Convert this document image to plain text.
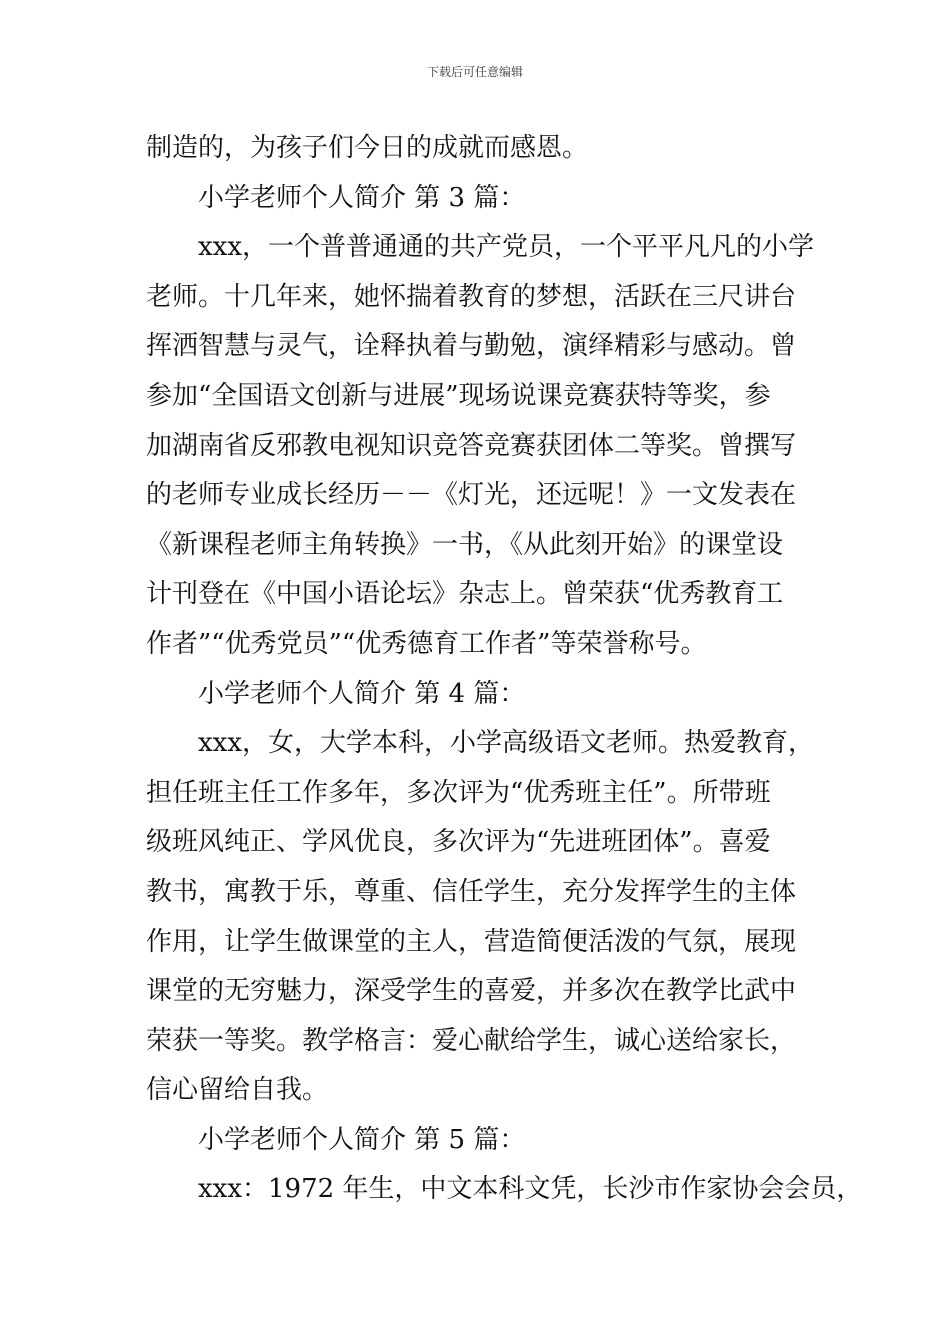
下载后可任意编辑
制造的，为孩子们今日的成就而感恩。
小学老师个人简介 第 3 篇：
xxx，一个普普通通的共产党员，一个平平凡凡的小学
老师。十几年来，她怀揣着教育的梦想，活跃在三尺讲台
挥洒智慧与灵气，诠释执着与勤勉，演绎精彩与感动。曾
参加“全国语文创新与进展”现场说课竞赛获特等奖，参
加湖南省反邪教电视知识竞答竞赛获团体二等奖。曾撰写
的老师专业成长经历－－《灯光，还远呢！》一文发表在
《新课程老师主角转换》一书，《从此刻开始》的课堂设
计刊登在《中国小语论坛》杂志上。曾荣获“优秀教育工
作者”“优秀党员”“优秀德育工作者”等荣誉称号。
小学老师个人简介 第 4 篇：
xxx，女，大学本科，小学高级语文老师。热爱教育，
担任班主任工作多年，多次评为“优秀班主任”。所带班
级班风纯正、学风优良，多次评为“先进班团体”。喜爱
教书，寓教于乐，尊重、信任学生，充分发挥学生的主体
作用，让学生做课堂的主人，营造简便活泼的气氛，展现
课堂的无穷魅力，深受学生的喜爱，并多次在教学比武中
荣获一等奖。教学格言：爱心献给学生，诚心送给家长，
信心留给自我。
小学老师个人简介 第 5 篇：
xxx：1972 年生，中文本科文凭，长沙市作家协会会员，
